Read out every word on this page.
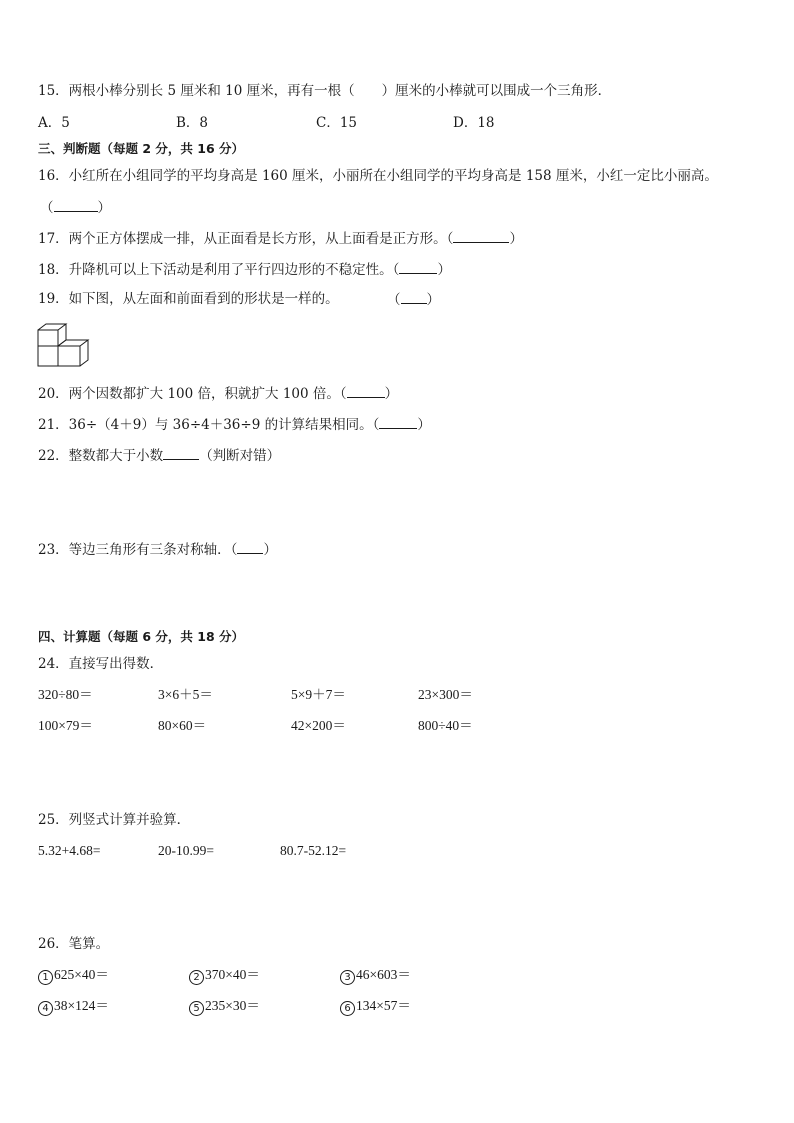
15．两根小棒分别长 5 厘米和 10 厘米，再有一根（　　）厘米的小棒就可以围成一个三角形．
A．5	B．8	C．15	D．18
三、判断题（每题 2 分，共 16 分）
16．小红所在小组同学的平均身高是 160 厘米，小丽所在小组同学的平均身高是 158 厘米，小红一定比小丽高。
（	）
17．两个正方体摆成一排，从正面看是长方形，从上面看是正方形。（	）
18．升降机可以上下活动是利用了平行四边形的不稳定性。（	）
19．如下图，从左面和前面看到的形状是一样的。	（ ）
20．两个因数都扩大 100 倍，积就扩大 100 倍。（	）
21．36÷（4＋9）与 36÷4＋36÷9 的计算结果相同。（	）
22．整数都大于小数	（判断对错）
23．等边三角形有三条对称轴．（ ）
四、计算题（每题 6 分，共 18 分）
24．直接写出得数．
320÷80＝	3×6＋5＝	5×9＋7＝	23×300＝
100×79＝	80×60＝	42×200＝	800÷40＝
25．列竖式计算并验算．
5.32+4.68=	20-10.99=	80.7-52.12=
26．笔算。
1 625×40＝	2 370×40＝	3 46×603＝
4 38×124＝	5 235×30＝	6 134×57＝
